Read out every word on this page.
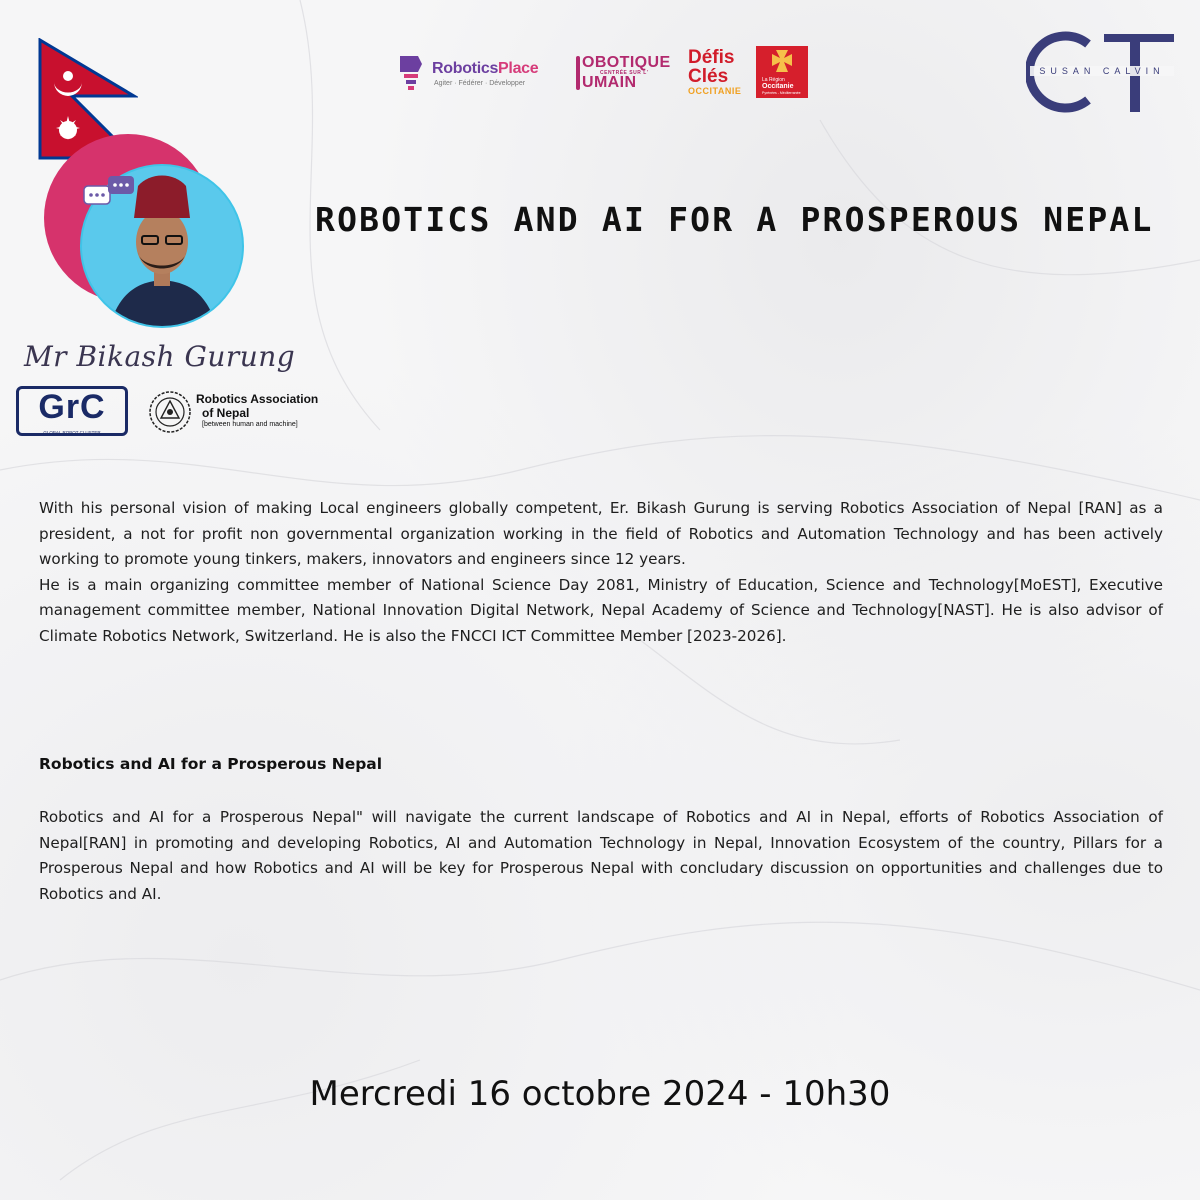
Mr Bikash Gurung
RoboticsPlace
Agiter · Fédérer · Développer
OBOTIQUE
CENTRÉE SUR L'
UMAIN
Défis
Clés
OCCITANIE
La Région
Occitanie
Pyrénées - Méditerranée
SUSAN CALVIN
ROBOTICS AND AI FOR A PROSPEROUS NEPAL
GrC
GLOBAL ROBOT CLUSTER
Robotics Association
of Nepal
[between human and machine]

With his personal vision of making Local engineers globally competent, Er. Bikash Gurung is serving Robotics Association of Nepal [RAN] as a president, a not for profit non governmental organization working in the field of Robotics and Automation Technology and has been actively working to promote young tinkers, makers, innovators and engineers since 12 years.

He is a main organizing committee member of National Science Day 2081, Ministry of Education, Science and Technology[MoEST], Executive management committee member, National Innovation Digital Network, Nepal Academy of Science and Technology[NAST]. He is also advisor of Climate Robotics Network, Switzerland. He is also the FNCCI ICT Committee Member [2023-2026].

Robotics and AI for a Prosperous Nepal
Robotics and AI for a Prosperous Nepal" will navigate the current landscape of Robotics and AI in Nepal, efforts of Robotics Association of Nepal[RAN] in promoting and developing Robotics, AI and Automation Technology in Nepal, Innovation Ecosystem of the country, Pillars for a Prosperous Nepal and how Robotics and AI will be key for Prosperous Nepal with concludary discussion on opportunities and challenges due to Robotics and AI.
Mercredi 16 octobre 2024 - 10h30
